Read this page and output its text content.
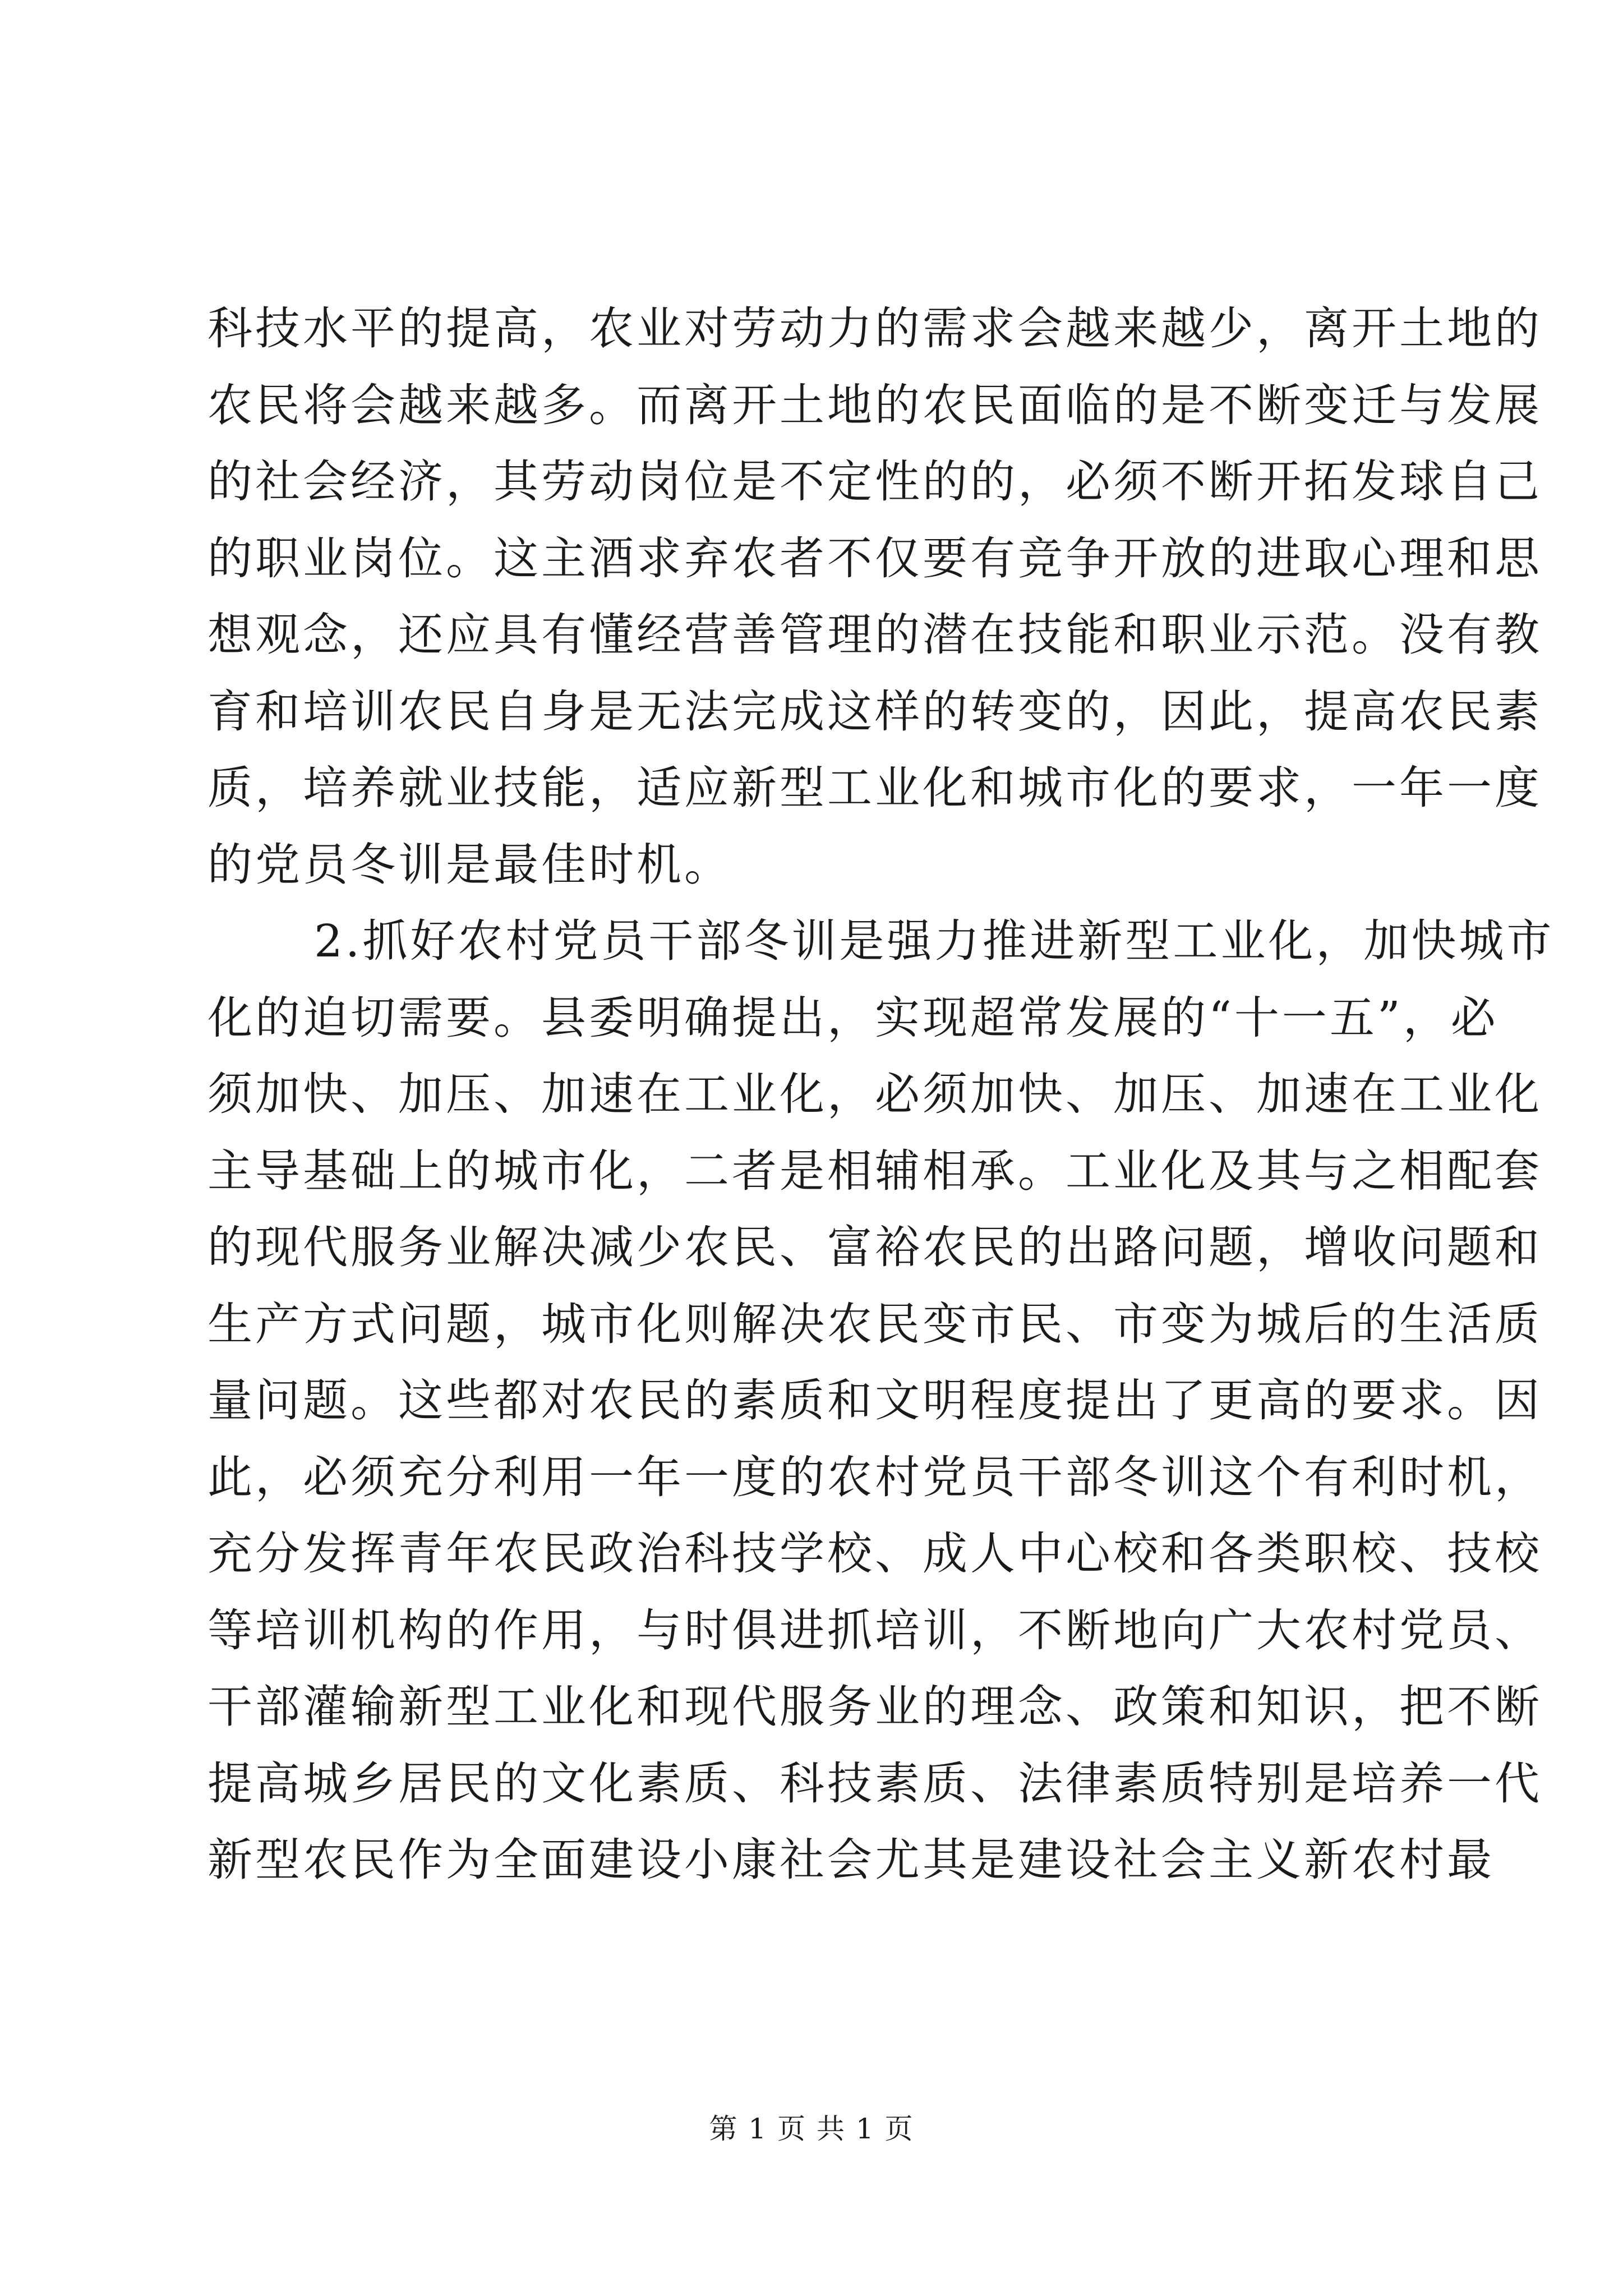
科技水平的提高，农业对劳动力的需求会越来越少，离开土地的
农民将会越来越多。而离开土地的农民面临的是不断变迁与发展
的社会经济，其劳动岗位是不定性的的，必须不断开拓发球自己
的职业岗位。这主酒求弃农者不仅要有竞争开放的进取心理和思
想观念，还应具有懂经营善管理的潜在技能和职业示范。没有教
育和培训农民自身是无法完成这样的转变的，因此，提高农民素
质，培养就业技能，适应新型工业化和城市化的要求，一年一度
的党员冬训是最佳时机。
2.抓好农村党员干部冬训是强力推进新型工业化，加快城市
化的迫切需要。县委明确提出，实现超常发展的“十一五”，必
须加快、加压、加速在工业化，必须加快、加压、加速在工业化
主导基础上的城市化，二者是相辅相承。工业化及其与之相配套
的现代服务业解决减少农民、富裕农民的出路问题，增收问题和
生产方式问题，城市化则解决农民变市民、市变为城后的生活质
量问题。这些都对农民的素质和文明程度提出了更高的要求。因
此，必须充分利用一年一度的农村党员干部冬训这个有利时机，
充分发挥青年农民政治科技学校、成人中心校和各类职校、技校
等培训机构的作用，与时俱进抓培训，不断地向广大农村党员、
干部灌输新型工业化和现代服务业的理念、政策和知识，把不断
提高城乡居民的文化素质、科技素质、法律素质特别是培养一代
新型农民作为全面建设小康社会尤其是建设社会主义新农村最
第 1 页 共 1 页
